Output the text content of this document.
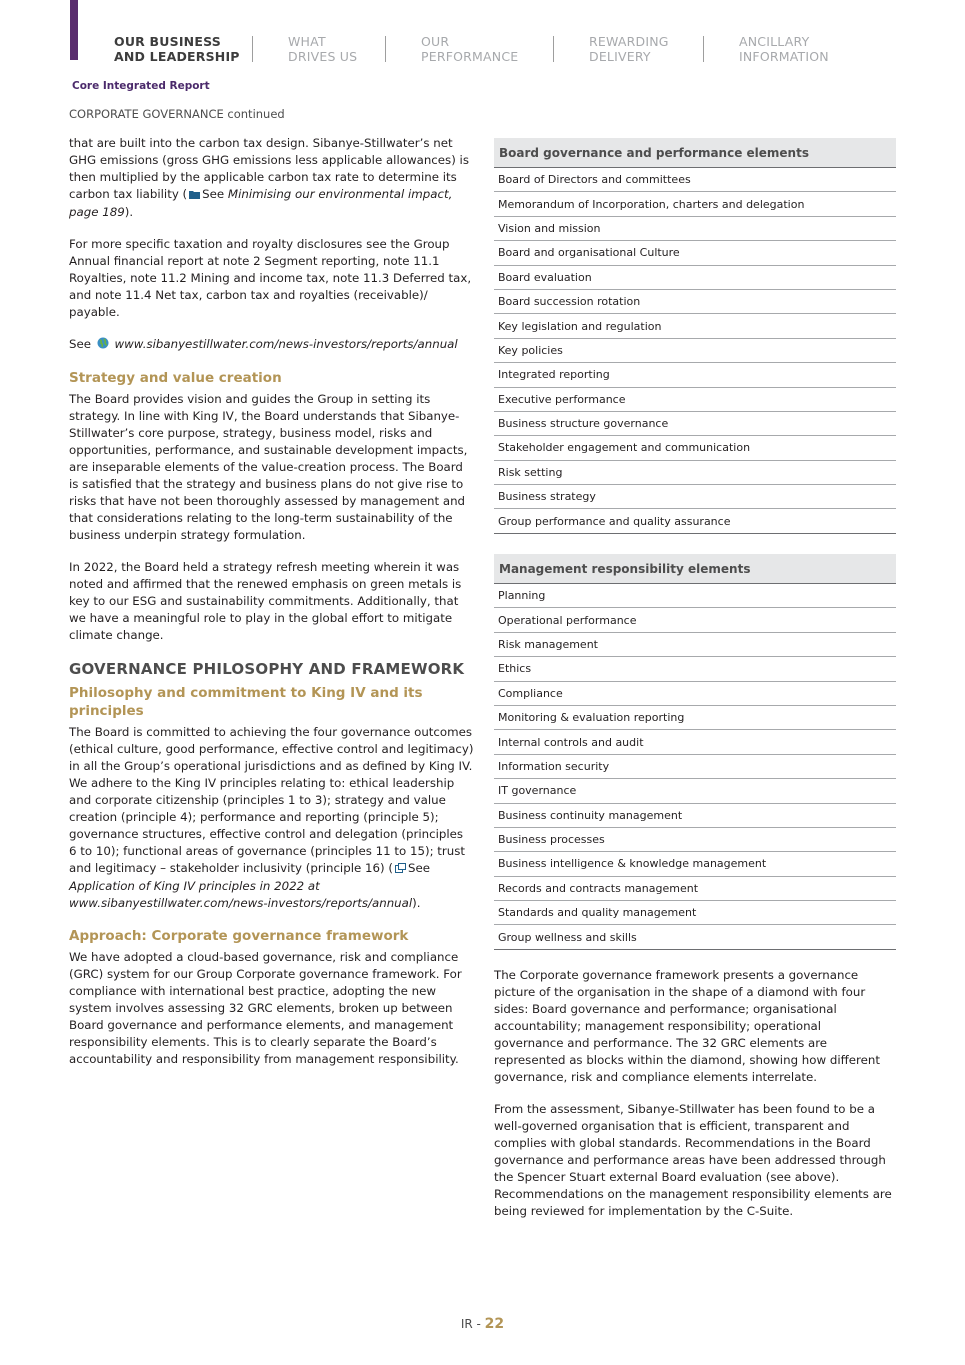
OUR BUSINESS
AND LEADERSHIP
WHAT
DRIVES US
OUR
PERFORMANCE
REWARDING
DELIVERY
ANCILLARY
INFORMATION
Core Integrated Report
CORPORATE GOVERNANCE continued

that are built into the carbon tax design. Sibanye-Stillwater’s net GHG emissions (gross GHG emissions less applicable allowances) is then multiplied by the applicable carbon tax rate to determine its carbon tax liability ( See Minimising our environmental impact, page 189).

For more specific taxation and royalty disclosures see the Group Annual financial report at note 2 Segment reporting, note 11.1 Royalties, note 11.2 Mining and income tax, note 11.3 Deferred tax, and note 11.4 Net tax, carbon tax and royalties (receivable)/ payable.

See www.sibanyestillwater.com/news-investors/reports/annual

Strategy and value creation

The Board provides vision and guides the Group in setting its strategy. In line with King IV, the Board understands that Sibanye-Stillwater’s core purpose, strategy, business model, risks and opportunities, performance, and sustainable development impacts, are inseparable elements of the value-creation process. The Board is satisfied that the strategy and business plans do not give rise to risks that have not been thoroughly assessed by management and that considerations relating to the long-term sustainability of the business underpin strategy formulation.

In 2022, the Board held a strategy refresh meeting wherein it was noted and affirmed that the renewed emphasis on green metals is key to our ESG and sustainability commitments. Additionally, that we have a meaningful role to play in the global effort to mitigate climate change.

GOVERNANCE PHILOSOPHY AND FRAMEWORK
Philosophy and commitment to King IV and its principles

The Board is committed to achieving the four governance outcomes (ethical culture, good performance, effective control and legitimacy) in all the Group’s operational jurisdictions and as defined by King IV. We adhere to the King IV principles relating to: ethical leadership and corporate citizenship (principles 1 to 3); strategy and value creation (principle 4); performance and reporting (principle 5); governance structures, effective control and delegation (principles 6 to 10); functional areas of governance (principles 11 to 15); trust and legitimacy – stakeholder inclusivity (principle 16) ( See Application of King IV principles in 2022 at www.sibanyestillwater.com/news-investors/reports/annual).

Approach: Corporate governance framework

We have adopted a cloud-based governance, risk and compliance (GRC) system for our Group Corporate governance framework. For compliance with international best practice, adopting the new system involves assessing 32 GRC elements, broken up between Board governance and performance elements, and management responsibility elements. This is to clearly separate the Board’s accountability and responsibility from management responsibility.

Board governance and performance elements
Board of Directors and committees
Memorandum of Incorporation, charters and delegation
Vision and mission
Board and organisational Culture
Board evaluation
Board succession rotation
Key legislation and regulation
Key policies
Integrated reporting
Executive performance
Business structure governance
Stakeholder engagement and communication
Risk setting
Business strategy
Group performance and quality assurance
Management responsibility elements
Planning
Operational performance
Risk management
Ethics
Compliance
Monitoring & evaluation reporting
Internal controls and audit
Information security
IT governance
Business continuity management
Business processes
Business intelligence & knowledge management
Records and contracts management
Standards and quality management
Group wellness and skills

The Corporate governance framework presents a governance picture of the organisation in the shape of a diamond with four sides: Board governance and performance; organisational accountability; management responsibility; operational governance and performance. The 32 GRC elements are represented as blocks within the diamond, showing how different governance, risk and compliance elements interrelate.

From the assessment, Sibanye-Stillwater has been found to be a well-governed organisation that is efficient, transparent and complies with global standards. Recommendations in the Board governance and performance areas have been addressed through the Spencer Stuart external Board evaluation (see above). Recommendations on the management responsibility elements are being reviewed for implementation by the C-Suite.

IR - 22
